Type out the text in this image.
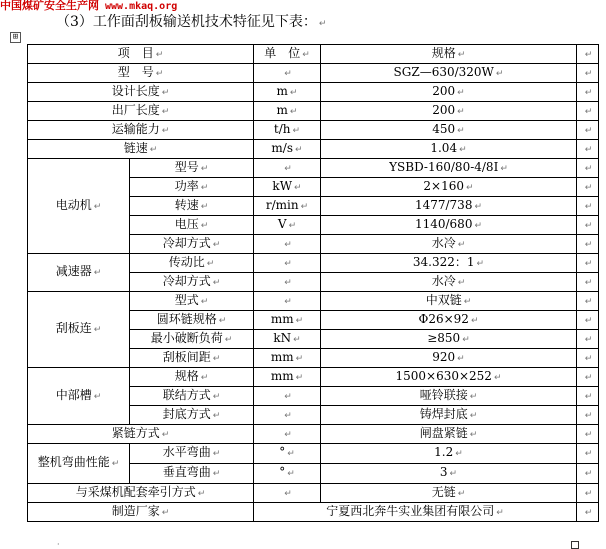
中国煤矿安全生产网 www.mkaq.org
（3）工作面刮板输送机技术特征见下表： ↵
⊞
项　目 ↵		单　位 ↵	规格 ↵	↵
型　号 ↵		↵	SGZ—630/320W ↵	↵
设计长度 ↵		m ↵	200 ↵	↵
出厂长度 ↵		m ↵	200 ↵	↵
运输能力 ↵		t/h ↵	450 ↵	↵
链速 ↵		m/s ↵	1.04 ↵	↵
电动机 ↵	型号 ↵	↵	YSBD-160/80-4/8Ⅰ ↵	↵
	功率 ↵	kW ↵	2×160 ↵	↵
	转速 ↵	r/min ↵	1477/738 ↵	↵
	电压 ↵	V ↵	1140/680 ↵	↵
	冷却方式 ↵	↵	水冷 ↵	↵
减速器 ↵	传动比 ↵	↵	34.322：1 ↵	↵
	冷却方式 ↵	↵	水冷 ↵	↵
刮板连 ↵	型式 ↵	↵	中双链 ↵	↵
	圆环链规格 ↵	mm ↵	Φ26×92 ↵	↵
	最小破断负荷 ↵	kN ↵	≥850 ↵	↵
	刮板间距 ↵	mm ↵	920 ↵	↵
中部槽 ↵	规格 ↵	mm ↵	1500×630×252 ↵	↵
	联结方式 ↵	↵	哑铃联接 ↵	↵
	封底方式 ↵	↵	铸焊封底 ↵	↵
紧链方式 ↵		↵	闸盘紧链 ↵	↵
整机弯曲性能 ↵	水平弯曲 ↵	° ↵	1.2 ↵	↵
	垂直弯曲 ↵	° ↵	3 ↵	↵
与采煤机配套牵引方式 ↵		↵	无链 ↵	↵
制造厂家 ↵		宁夏西北奔牛实业集团有限公司 ↵		↵
·
